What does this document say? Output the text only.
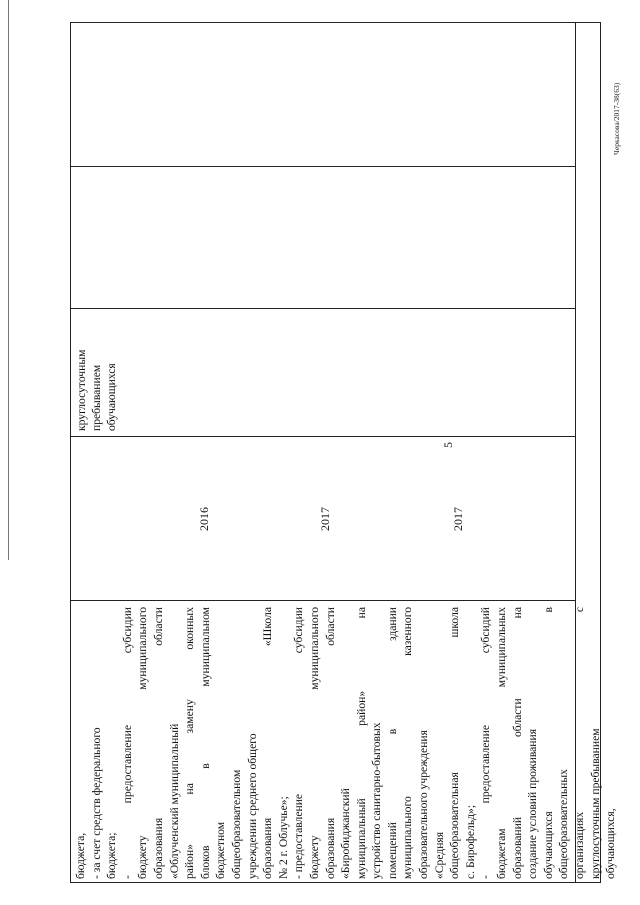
5
бюджета, - за счет средств федерального бюджета; -
предоставление
субсидии
бюджету
муниципального
образования
области
«Облученский муниципальный район»
на
замену
оконных
блоков
в
муниципальном
бюджетном общеобразовательном учреждении среднего общего образования
«Школа
№ 2 г. Облучье»; - предоставление
субсидии
бюджету
муниципального
образования
области
«Биробиджанский муниципальный
район»
на
устройство санитарно-бытовых помещений
в
здании
муниципального
казенного
образовательного учреждения «Средняя общеобразовательная
школа
с. Бирофельд»; -
предоставление
субсидий
бюджетам
муниципальных
образований
области
на
создание условий проживания обучающихся
в
общеобразовательных организациях
с
круглосуточным пребыванием обучающихся,
2016	2017	2017
круглосуточным пребыванием обучающихся
Черкасова/2017-38(63)
